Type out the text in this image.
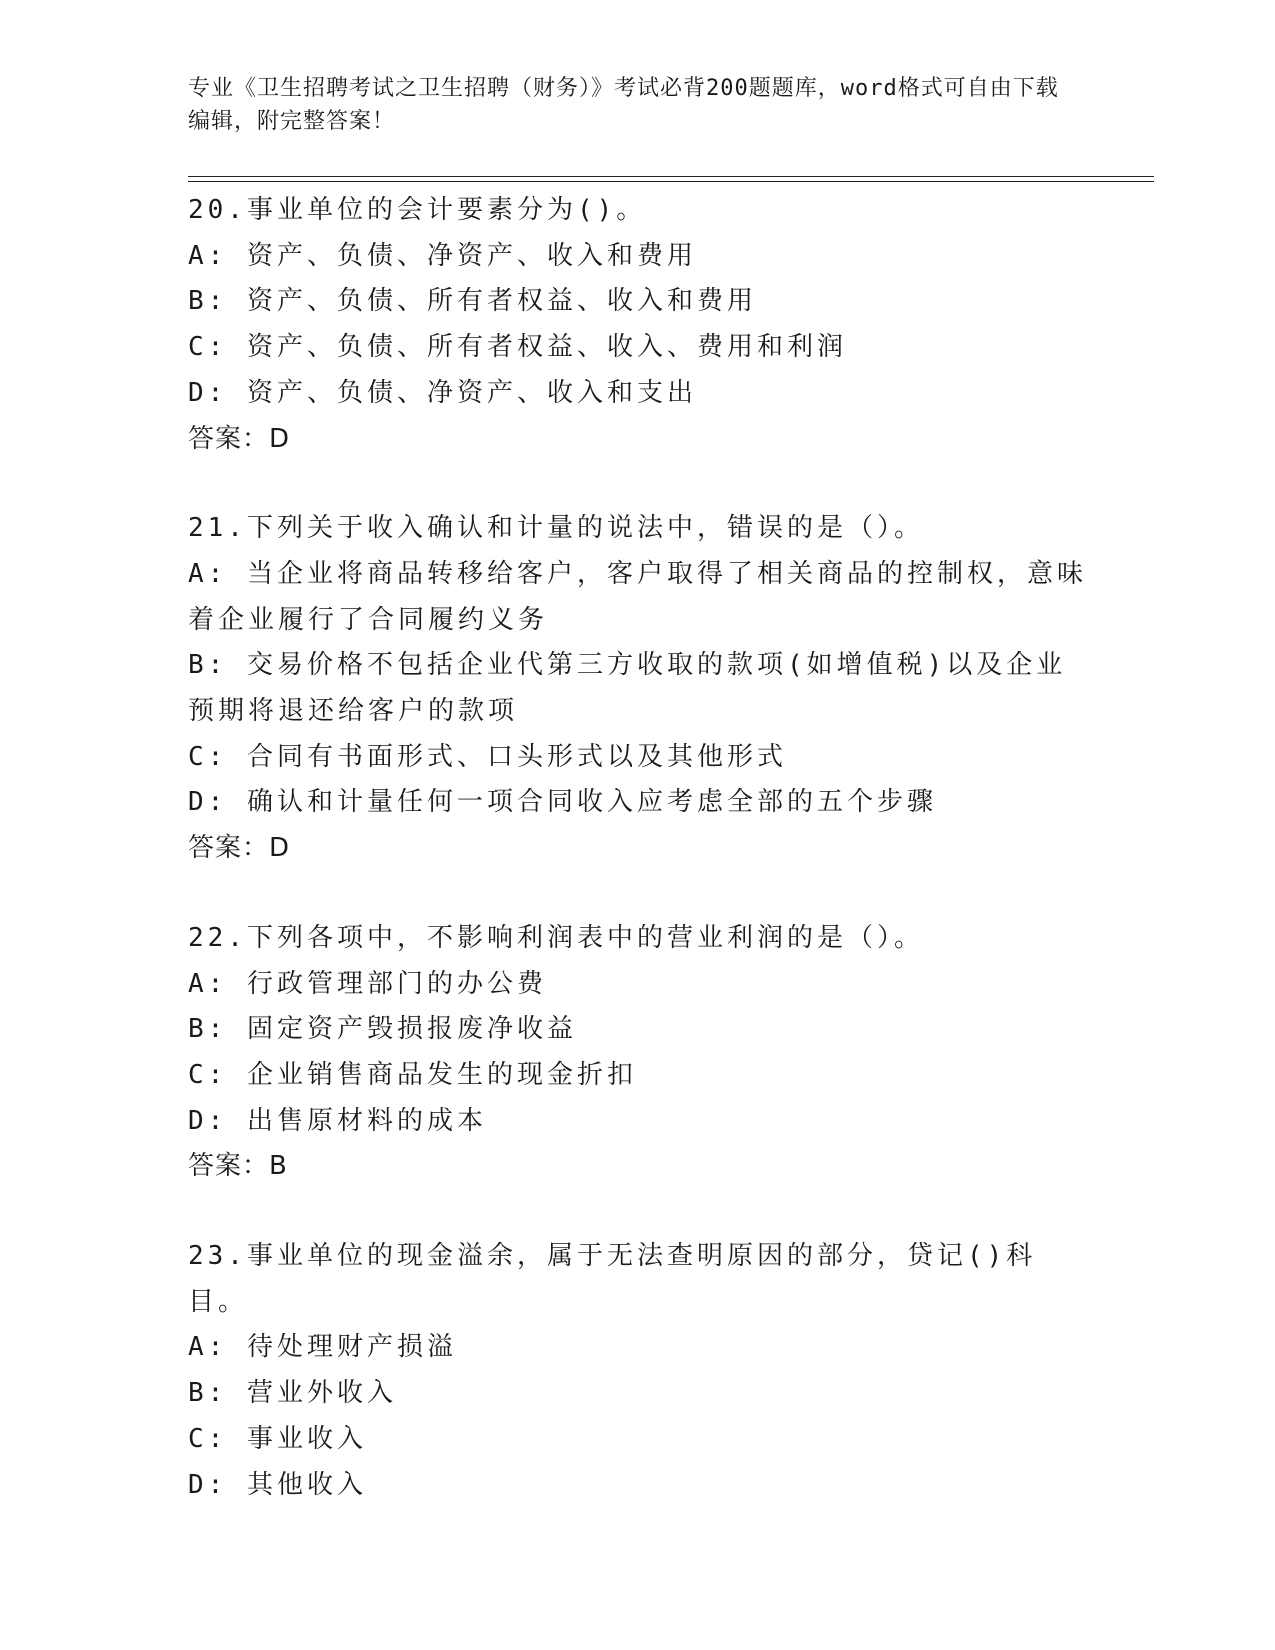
专业《卫生招聘考试之卫生招聘（财务）》考试必背200题题库，word格式可自由下载编辑，附完整答案！
20.事业单位的会计要素分为()。
A: 资产、负债、净资产、收入和费用
B: 资产、负债、所有者权益、收入和费用
C: 资产、负债、所有者权益、收入、费用和利润
D: 资产、负债、净资产、收入和支出
答案：D
21.下列关于收入确认和计量的说法中，错误的是（）。
A: 当企业将商品转移给客户，客户取得了相关商品的控制权，意味着企业履行了合同履约义务
B: 交易价格不包括企业代第三方收取的款项(如增值税)以及企业预期将退还给客户的款项
C: 合同有书面形式、口头形式以及其他形式
D: 确认和计量任何一项合同收入应考虑全部的五个步骤
答案：D
22.下列各项中，不影响利润表中的营业利润的是（）。
A: 行政管理部门的办公费
B: 固定资产毁损报废净收益
C: 企业销售商品发生的现金折扣
D: 出售原材料的成本
答案：B
23.事业单位的现金溢余，属于无法查明原因的部分，贷记()科目。
A: 待处理财产损溢
B: 营业外收入
C: 事业收入
D: 其他收入
